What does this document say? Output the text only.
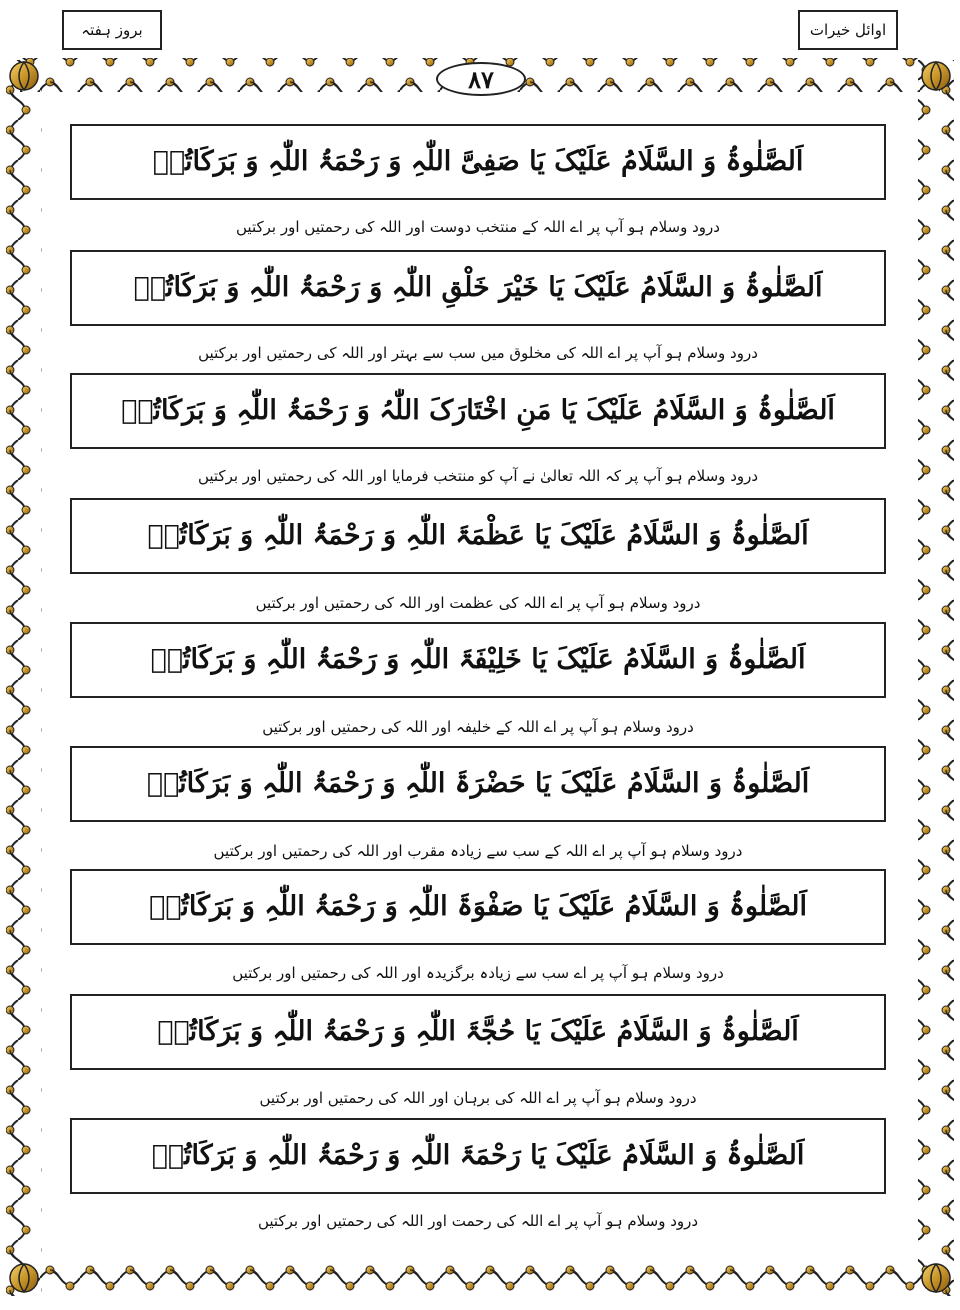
بروز ہفتہ	اوائل خیرات
۸۷
اَلصَّلٰوۃُ وَ السَّلَامُ عَلَیْکَ یَا صَفِیَّ اللّٰہِ وَ رَحْمَۃُ اللّٰہِ وَ بَرَکَاتُہٗ
درود وسلام ہو آپ پر اے اللہ کے منتخب دوست اور اللہ کی رحمتیں اور برکتیں
اَلصَّلٰوۃُ وَ السَّلَامُ عَلَیْکَ یَا خَیْرَ خَلْقِ اللّٰہِ وَ رَحْمَۃُ اللّٰہِ وَ بَرَکَاتُہٗ
درود وسلام ہو آپ پر اے اللہ کی مخلوق میں سب سے بہتر اور اللہ کی رحمتیں اور برکتیں
اَلصَّلٰوۃُ وَ السَّلَامُ عَلَیْکَ یَا مَنِ اخْتَارَکَ اللّٰہُ وَ رَحْمَۃُ اللّٰہِ وَ بَرَکَاتُہٗ
درود وسلام ہو آپ پر کہ اللہ تعالیٰ نے آپ کو منتخب فرمایا اور اللہ کی رحمتیں اور برکتیں
اَلصَّلٰوۃُ وَ السَّلَامُ عَلَیْکَ یَا عَظْمَۃَ اللّٰہِ وَ رَحْمَۃُ اللّٰہِ وَ بَرَکَاتُہٗ
درود وسلام ہو آپ پر اے اللہ کی عظمت اور اللہ کی رحمتیں اور برکتیں
اَلصَّلٰوۃُ وَ السَّلَامُ عَلَیْکَ یَا خَلِیْفَۃَ اللّٰہِ وَ رَحْمَۃُ اللّٰہِ وَ بَرَکَاتُہٗ
درود وسلام ہو آپ پر اے اللہ کے خلیفہ اور اللہ کی رحمتیں اور برکتیں
اَلصَّلٰوۃُ وَ السَّلَامُ عَلَیْکَ یَا حَضْرَۃَ اللّٰہِ وَ رَحْمَۃُ اللّٰہِ وَ بَرَکَاتُہٗ
درود وسلام ہو آپ پر اے اللہ کے سب سے زیادہ مقرب اور اللہ کی رحمتیں اور برکتیں
اَلصَّلٰوۃُ وَ السَّلَامُ عَلَیْکَ یَا صَفْوَۃَ اللّٰہِ وَ رَحْمَۃُ اللّٰہِ وَ بَرَکَاتُہٗ
درود وسلام ہو آپ پر اے سب سے زیادہ برگزیدہ اور اللہ کی رحمتیں اور برکتیں
اَلصَّلٰوۃُ وَ السَّلَامُ عَلَیْکَ یَا حُجَّۃَ اللّٰہِ وَ رَحْمَۃُ اللّٰہِ وَ بَرَکَاتُہٗ
درود وسلام ہو آپ پر اے اللہ کی برہان اور اللہ کی رحمتیں اور برکتیں
اَلصَّلٰوۃُ وَ السَّلَامُ عَلَیْکَ یَا رَحْمَۃَ اللّٰہِ وَ رَحْمَۃُ اللّٰہِ وَ بَرَکَاتُہٗ
درود وسلام ہو آپ پر اے اللہ کی رحمت اور اللہ کی رحمتیں اور برکتیں
